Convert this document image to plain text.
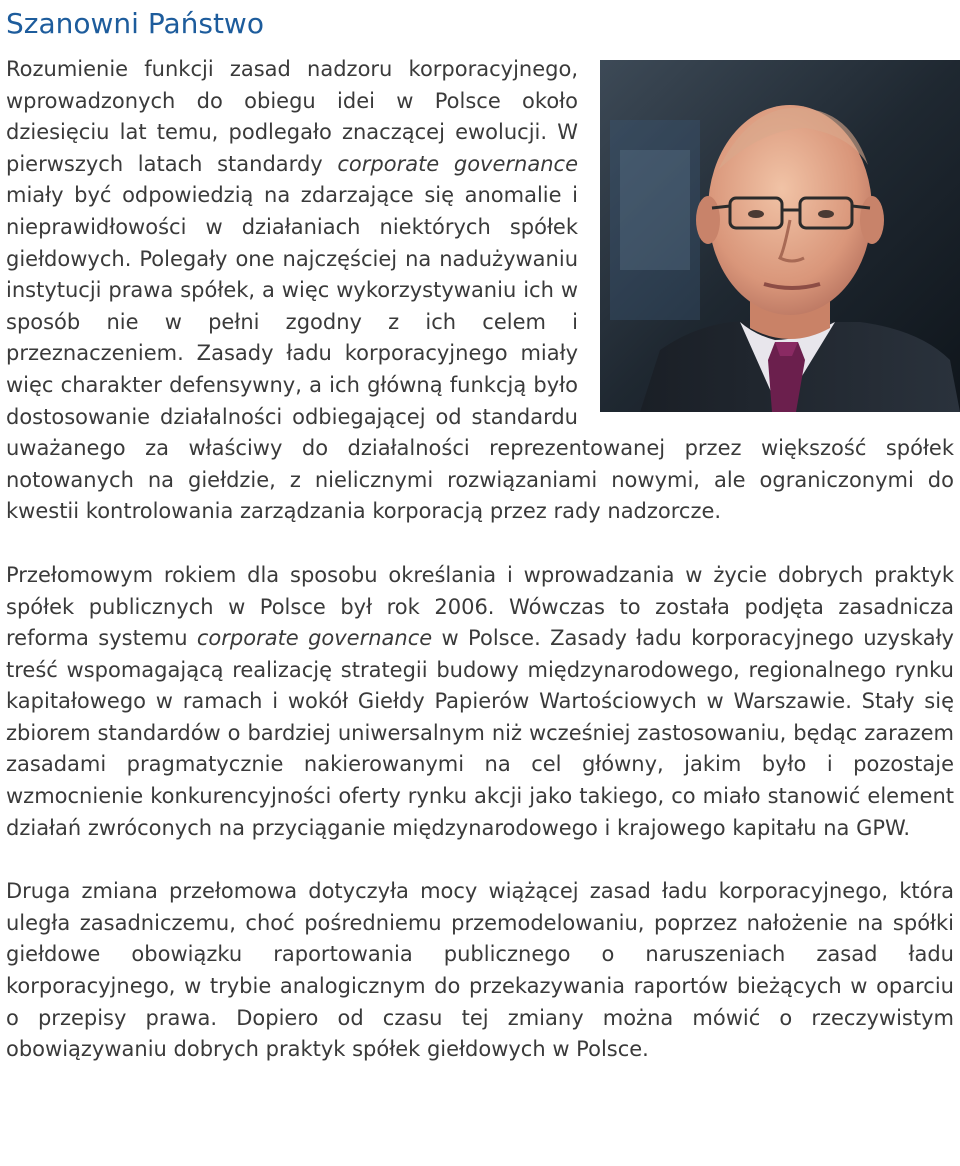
Szanowni Państwo
Rozumienie funkcji zasad nadzoru korporacyjnego, wprowadzonych do obiegu idei w Polsce około dziesięciu lat temu, podlegało znaczącej ewolucji. W pierwszych latach standardy corporate governance miały być odpowiedzią na zdarzające się anomalie i nieprawidłowości w działaniach niektórych spółek giełdowych. Polegały one najczęściej na nadużywaniu instytucji prawa spółek, a więc wykorzystywaniu ich w sposób nie w pełni zgodny z ich celem i przeznaczeniem. Zasady ładu korporacyjnego miały więc charakter defensywny, a ich główną funkcją było dostosowanie działalności odbiegającej od standardu uważanego za właściwy do działalności reprezentowanej przez większość spółek notowanych na giełdzie, z nielicznymi rozwiązaniami nowymi, ale ograniczonymi do kwestii kontrolowania zarządzania korporacją przez rady nadzorcze.
Przełomowym rokiem dla sposobu określania i wprowadzania w życie dobrych praktyk spółek publicznych w Polsce był rok 2006. Wówczas to została podjęta zasadnicza reforma systemu corporate governance w Polsce. Zasady ładu korporacyjnego uzyskały treść wspomagającą realizację strategii budowy międzynarodowego, regionalnego rynku kapitałowego w ramach i wokół Giełdy Papierów Wartościowych w Warszawie. Stały się zbiorem standardów o bardziej uniwersalnym niż wcześniej zastosowaniu, będąc zarazem zasadami pragmatycznie nakierowanymi na cel główny, jakim było i pozostaje wzmocnienie konkurencyjności oferty rynku akcji jako takiego, co miało stanowić element działań zwróconych na przyciąganie międzynarodowego i krajowego kapitału na GPW.
Druga zmiana przełomowa dotyczyła mocy wiążącej zasad ładu korporacyjnego, która uległa zasadniczemu, choć pośredniemu przemodelowaniu, poprzez nałożenie na spółki giełdowe obowiązku raportowania publicznego o naruszeniach zasad ładu korporacyjnego, w trybie analogicznym do przekazywania raportów bieżących w oparciu o przepisy prawa. Dopiero od czasu tej zmiany można mówić o rzeczywistym obowiązywaniu dobrych praktyk spółek giełdowych w Polsce.
